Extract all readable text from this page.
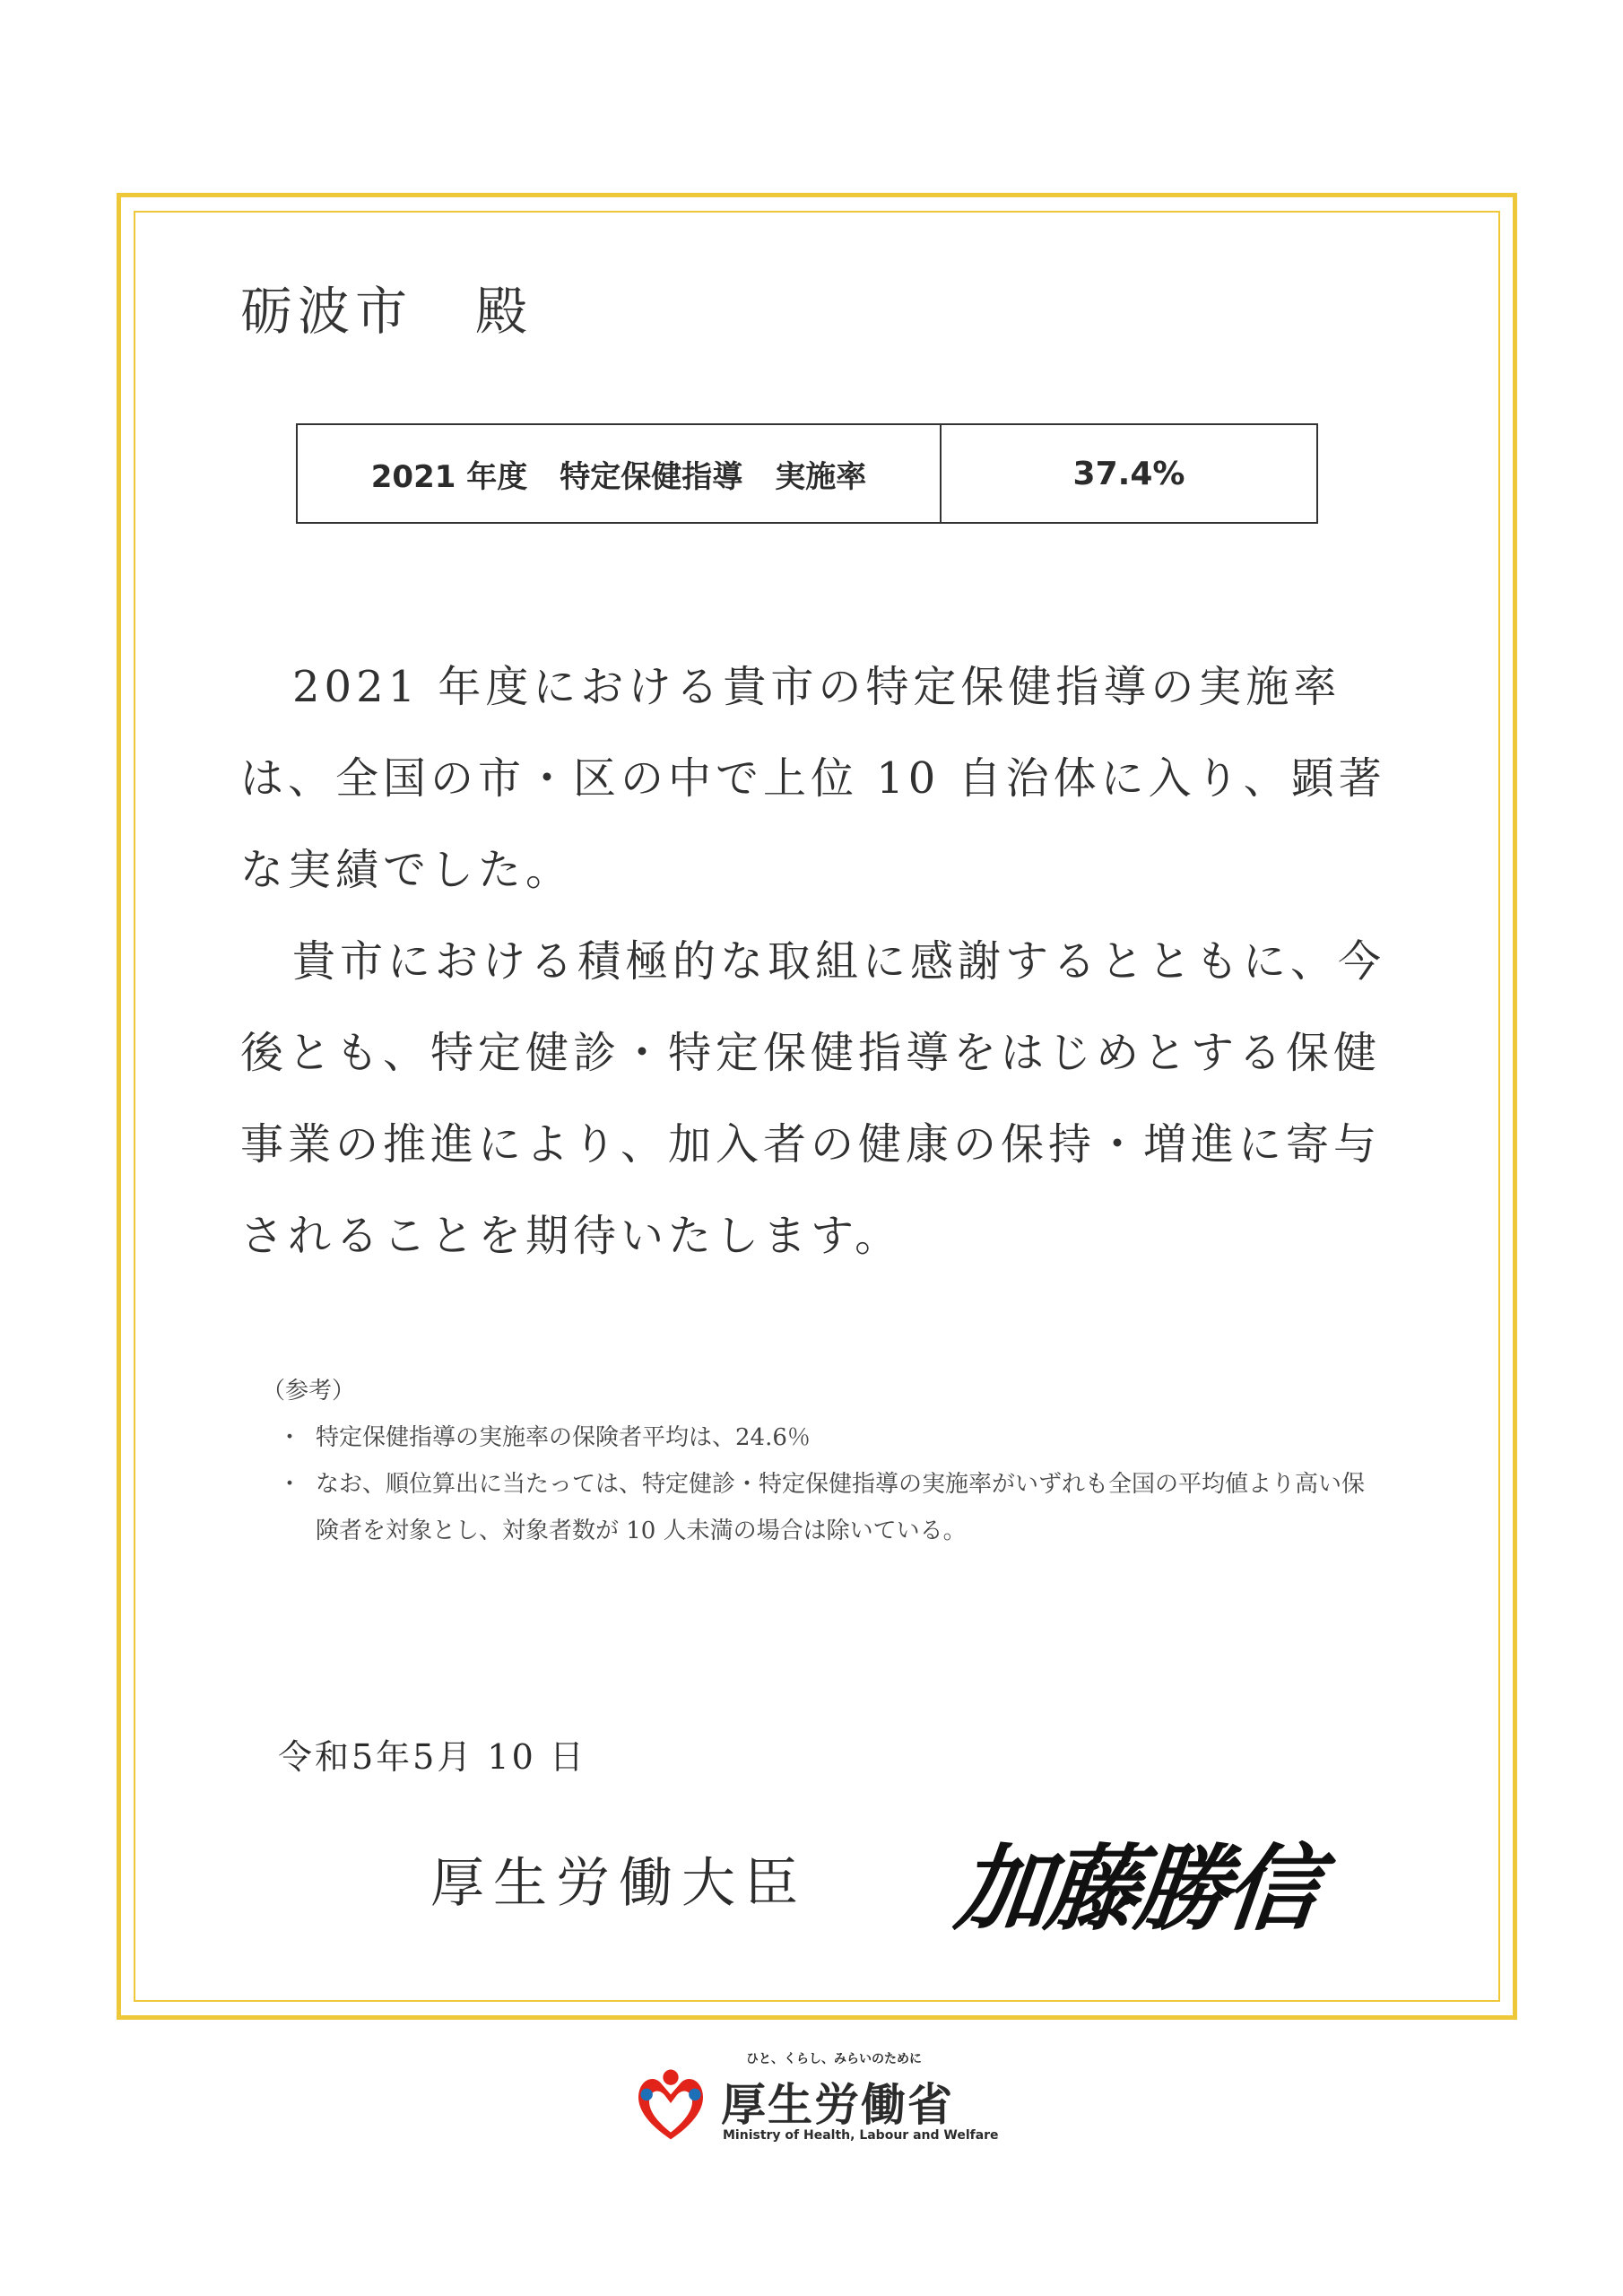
砺波市 殿
2021 年度 特定保健指導 実施率	37.4%

2021 年度における貴市の特定保健指導の実施率は、全国の市・区の中で上位 10 自治体に入り、顕著な実績でした。

貴市における積極的な取組に感謝するとともに、今後とも、特定健診・特定保健指導をはじめとする保健事業の推進により、加入者の健康の保持・増進に寄与されることを期待いたします。

（参考）
・ 特定保健指導の実施率の保険者平均は、24.6％
・ なお、順位算出に当たっては、特定健診・特定保健指導の実施率がいずれも全国の平均値より高い保険者を対象とし、対象者数が 10 人未満の場合は除いている。
令和5年5月 10 日
厚生労働大臣 加藤勝信
ひと、くらし、みらいのために
厚生労働省
Ministry of Health, Labour and Welfare
